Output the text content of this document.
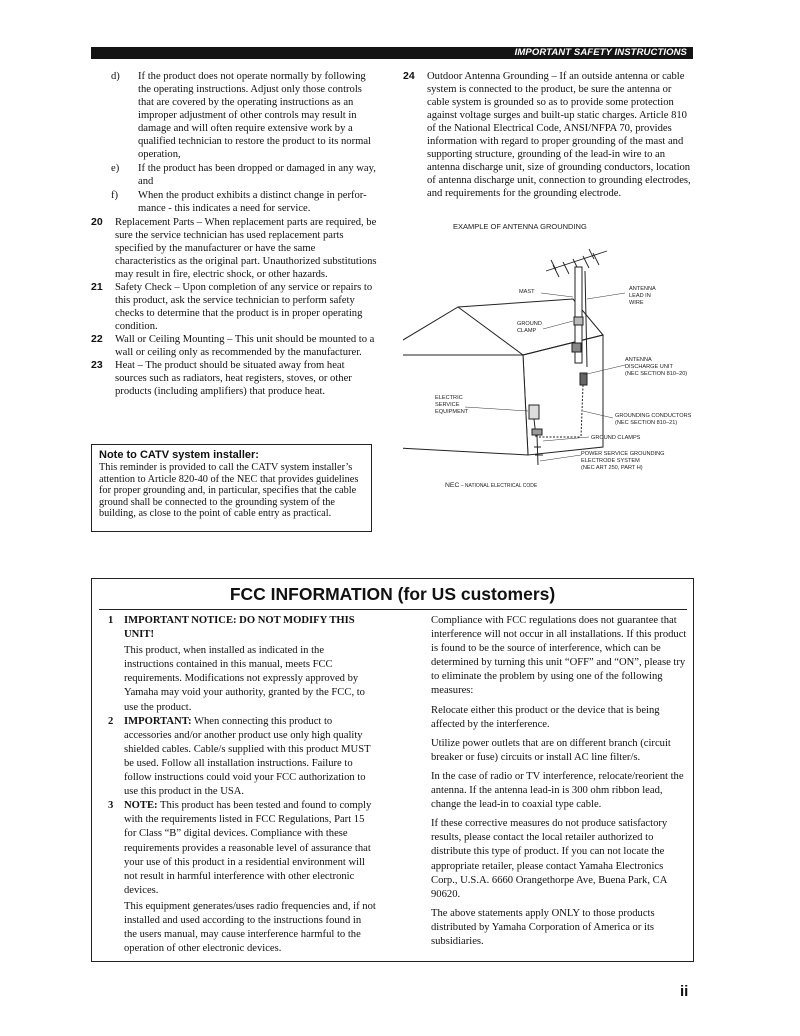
IMPORTANT SAFETY INSTRUCTIONS

d) If the product does not operate normally by following the operating instructions. Adjust only those controls that are covered by the operating instructions as an improper adjustment of other controls may result in damage and will often require extensive work by a qualified technician to restore the product to its normal operation,

e) If the product has been dropped or damaged in any way, and

f) When the product exhibits a distinct change in perfor-mance - this indicates a need for service.

20 Replacement Parts – When replacement parts are required, be sure the service technician has used replacement parts specified by the manufacturer or have the same characteristics as the original part. Unauthorized substitutions may result in fire, electric shock, or other hazards.

21 Safety Check – Upon completion of any service or repairs to this product, ask the service technician to perform safety checks to determine that the product is in proper operating condition.

22 Wall or Ceiling Mounting – This unit should be mounted to a wall or ceiling only as recommended by the manufacturer.

23 Heat – The product should be situated away from heat sources such as radiators, heat registers, stoves, or other products (including amplifiers) that produce heat.

Note to CATV system installer:
This reminder is provided to call the CATV system installer’s attention to Article 820-40 of the NEC that provides guidelines for proper grounding and, in particular, specifies that the cable ground shall be connected to the grounding system of the building, as close to the point of cable entry as practical.

24 Outdoor Antenna Grounding – If an outside antenna or cable system is connected to the product, be sure the antenna or cable system is grounded so as to provide some protection against voltage surges and built-up static charges. Article 810 of the National Electrical Code, ANSI/NFPA 70, provides information with regard to proper grounding of the mast and supporting structure, grounding of the lead-in wire to an antenna discharge unit, size of grounding conductors, location of antenna discharge unit, connection to grounding electrodes, and requirements for the grounding electrode.

EXAMPLE OF ANTENNA GROUNDING
MAST	ANTENNA
LEAD IN
WIRE
GROUND
CLAMP
ANTENNA
DISCHARGE UNIT
(NEC SECTION 810–20)
ELECTRIC
SERVICE
EQUIPMENT
GROUNDING CONDUCTORS
(NEC SECTION 810–21)
GROUND CLAMPS
POWER SERVICE GROUNDING
ELECTRODE SYSTEM
(NEC ART 250, PART H)
NEC – NATIONAL ELECTRICAL CODE
FCC INFORMATION (for US customers)

1 IMPORTANT NOTICE: DO NOT MODIFY THIS UNIT!

This product, when installed as indicated in the instructions contained in this manual, meets FCC requirements. Modifications not expressly approved by Yamaha may void your authority, granted by the FCC, to use the product.

2 IMPORTANT: When connecting this product to accessories and/or another product use only high quality shielded cables. Cable/s supplied with this product MUST be used. Follow all installation instructions. Failure to follow instructions could void your FCC authorization to use this product in the USA.

3 NOTE: This product has been tested and found to comply with the requirements listed in FCC Regulations, Part 15 for Class “B” digital devices. Compliance with these requirements provides a reasonable level of assurance that your use of this product in a residential environment will not result in harmful interference with other electronic devices.

This equipment generates/uses radio frequencies and, if not installed and used according to the instructions found in the users manual, may cause interference harmful to the operation of other electronic devices.

Compliance with FCC regulations does not guarantee that interference will not occur in all installations. If this product is found to be the source of interference, which can be determined by turning this unit “OFF” and “ON”, please try to eliminate the problem by using one of the following measures:

Relocate either this product or the device that is being affected by the interference.

Utilize power outlets that are on different branch (circuit breaker or fuse) circuits or install AC line filter/s.

In the case of radio or TV interference, relocate/reorient the antenna. If the antenna lead-in is 300 ohm ribbon lead, change the lead-in to coaxial type cable.

If these corrective measures do not produce satisfactory results, please contact the local retailer authorized to distribute this type of product. If you can not locate the appropriate retailer, please contact Yamaha Electronics Corp., U.S.A. 6660 Orangethorpe Ave, Buena Park, CA 90620.

The above statements apply ONLY to those products distributed by Yamaha Corporation of America or its subsidiaries.

ii
